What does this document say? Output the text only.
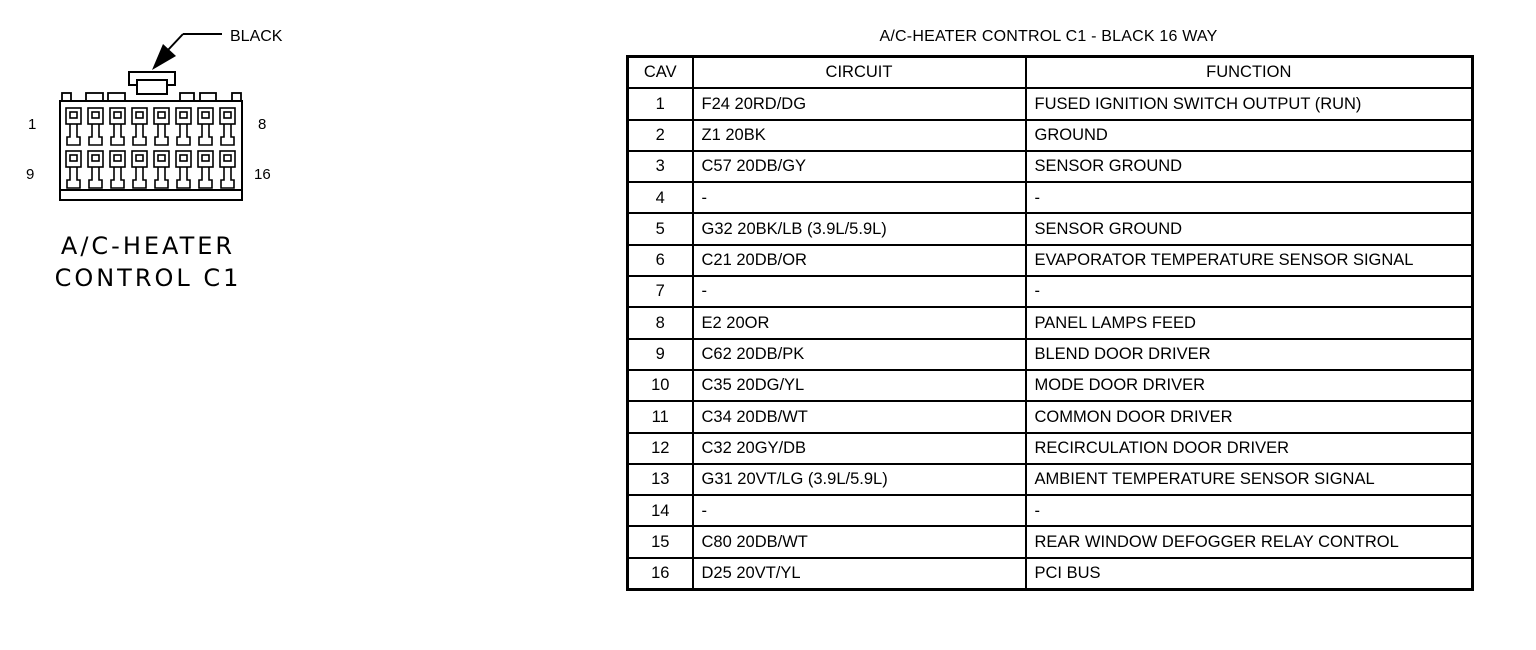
BLACK
1	8
9	16
A/C-HEATER
CONTROL C1
A/C-HEATER CONTROL C1 - BLACK 16 WAY
CAV	CIRCUIT	FUNCTION
1	F24 20RD/DG	FUSED IGNITION SWITCH OUTPUT (RUN)
2	Z1 20BK	GROUND
3	C57 20DB/GY	SENSOR GROUND
4	-	-
5	G32 20BK/LB (3.9L/5.9L)	SENSOR GROUND
6	C21 20DB/OR	EVAPORATOR TEMPERATURE SENSOR SIGNAL
7	-	-
8	E2 20OR	PANEL LAMPS FEED
9	C62 20DB/PK	BLEND DOOR DRIVER
10	C35 20DG/YL	MODE DOOR DRIVER
11	C34 20DB/WT	COMMON DOOR DRIVER
12	C32 20GY/DB	RECIRCULATION DOOR DRIVER
13	G31 20VT/LG (3.9L/5.9L)	AMBIENT TEMPERATURE SENSOR SIGNAL
14	-	-
15	C80 20DB/WT	REAR WINDOW DEFOGGER RELAY CONTROL
16	D25 20VT/YL	PCI BUS
